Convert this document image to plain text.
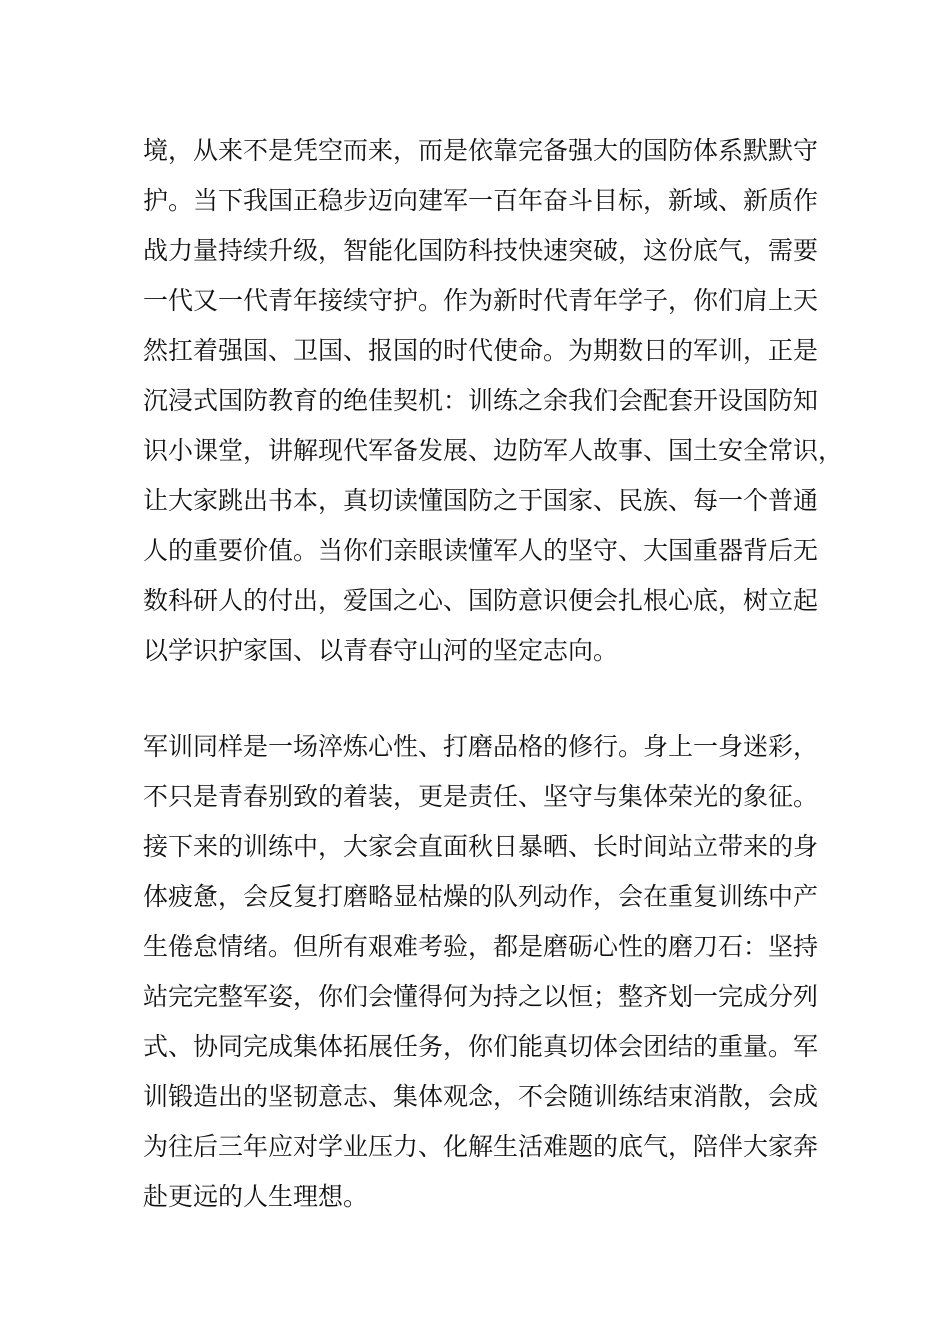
境，从来不是凭空而来，而是依靠完备强大的国防体系默默守
护。当下我国正稳步迈向建军一百年奋斗目标，新域、新质作
战力量持续升级，智能化国防科技快速突破，这份底气，需要
一代又一代青年接续守护。作为新时代青年学子，你们肩上天
然扛着强国、卫国、报国的时代使命。为期数日的军训，正是
沉浸式国防教育的绝佳契机：训练之余我们会配套开设国防知
识小课堂，讲解现代军备发展、边防军人故事、国土安全常识，
让大家跳出书本，真切读懂国防之于国家、民族、每一个普通
人的重要价值。当你们亲眼读懂军人的坚守、大国重器背后无
数科研人的付出，爱国之心、国防意识便会扎根心底，树立起
以学识护家国、以青春守山河的坚定志向。
军训同样是一场淬炼心性、打磨品格的修行。身上一身迷彩，
不只是青春别致的着装，更是责任、坚守与集体荣光的象征。
接下来的训练中，大家会直面秋日暴晒、长时间站立带来的身
体疲惫，会反复打磨略显枯燥的队列动作，会在重复训练中产
生倦怠情绪。但所有艰难考验，都是磨砺心性的磨刀石：坚持
站完完整军姿，你们会懂得何为持之以恒；整齐划一完成分列
式、协同完成集体拓展任务，你们能真切体会团结的重量。军
训锻造出的坚韧意志、集体观念，不会随训练结束消散，会成
为往后三年应对学业压力、化解生活难题的底气，陪伴大家奔
赴更远的人生理想。
